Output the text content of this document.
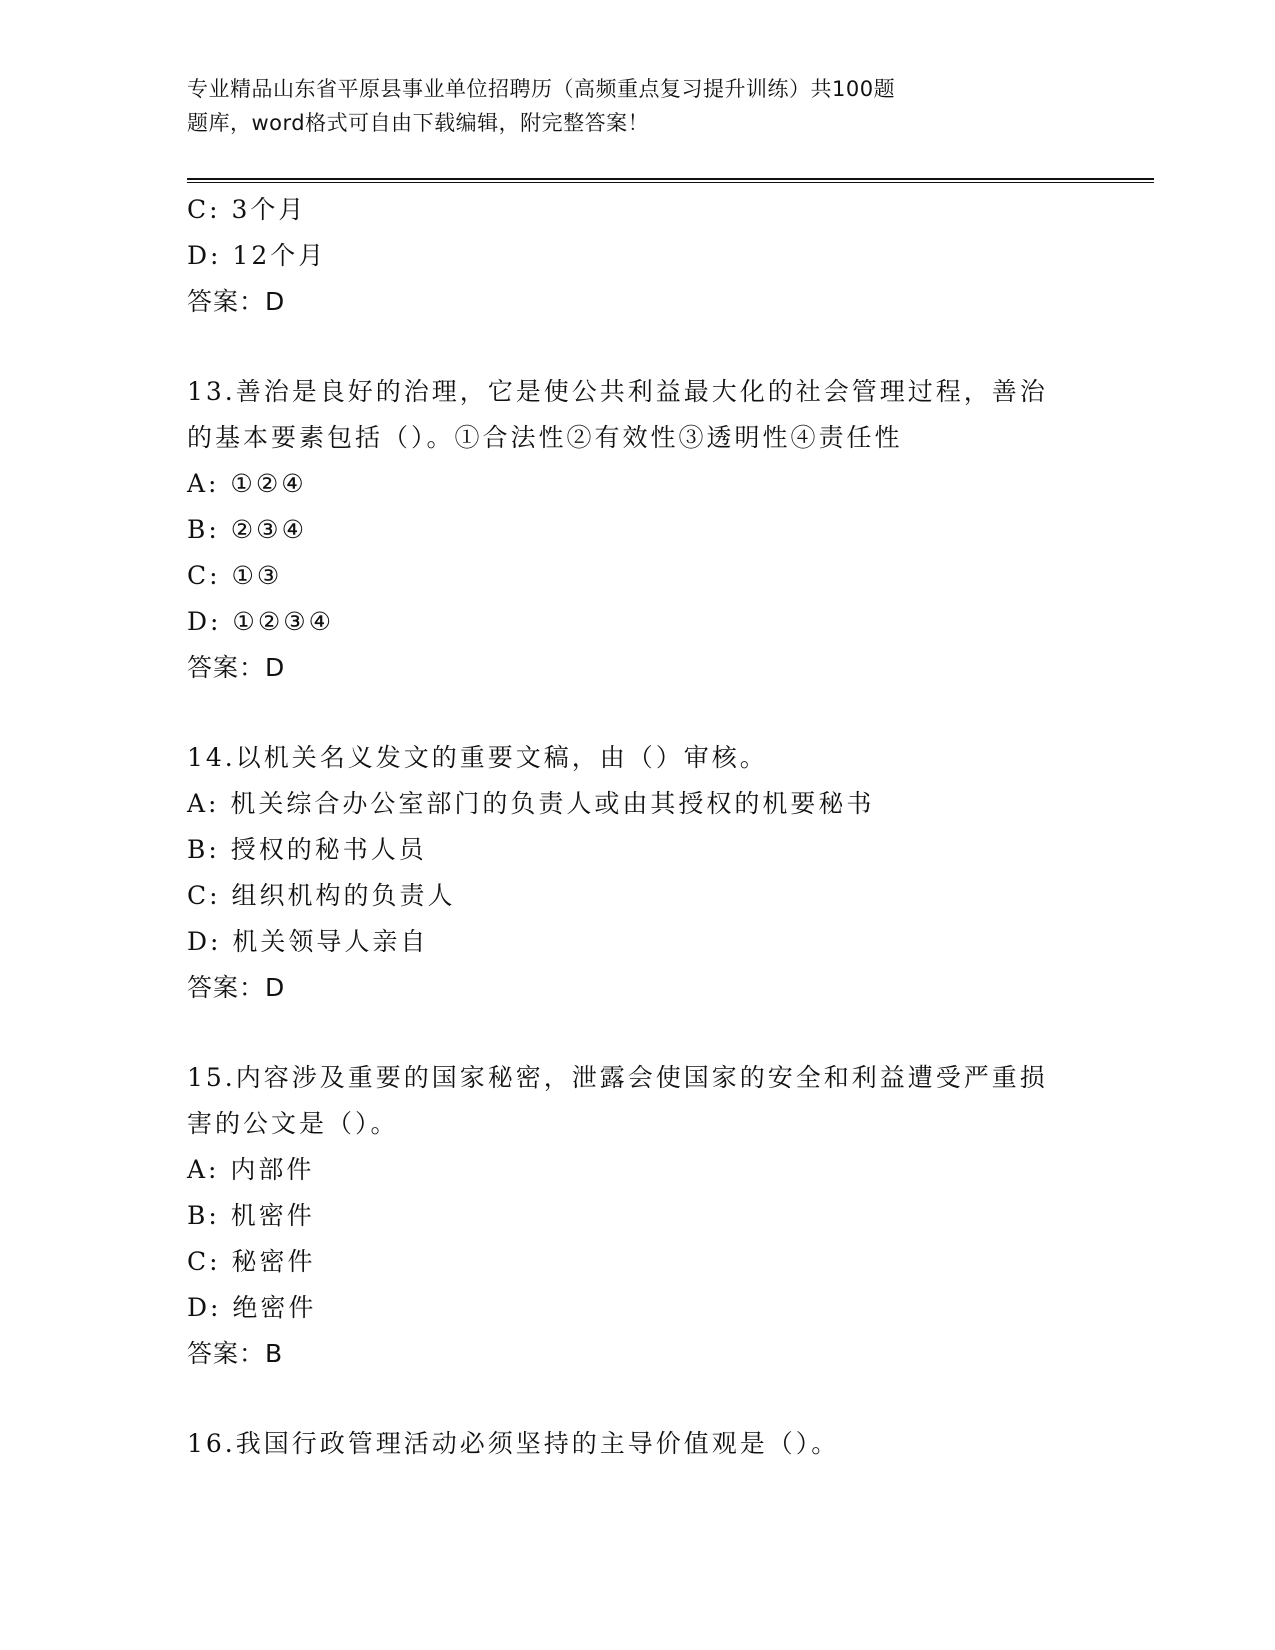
专业精品山东省平原县事业单位招聘历（高频重点复习提升训练）共100题
题库，word格式可自由下载编辑，附完整答案！
C: 3个月
D: 12个月
答案：D
13.善治是良好的治理，它是使公共利益最大化的社会管理过程，善治
的基本要素包括（）。①合法性②有效性③透明性④责任性
A: ①②④
B: ②③④
C: ①③
D: ①②③④
答案：D
14.以机关名义发文的重要文稿，由（）审核。
A: 机关综合办公室部门的负责人或由其授权的机要秘书
B: 授权的秘书人员
C: 组织机构的负责人
D: 机关领导人亲自
答案：D
15.内容涉及重要的国家秘密，泄露会使国家的安全和利益遭受严重损
害的公文是（）。
A: 内部件
B: 机密件
C: 秘密件
D: 绝密件
答案：B
16.我国行政管理活动必须坚持的主导价值观是（）。
